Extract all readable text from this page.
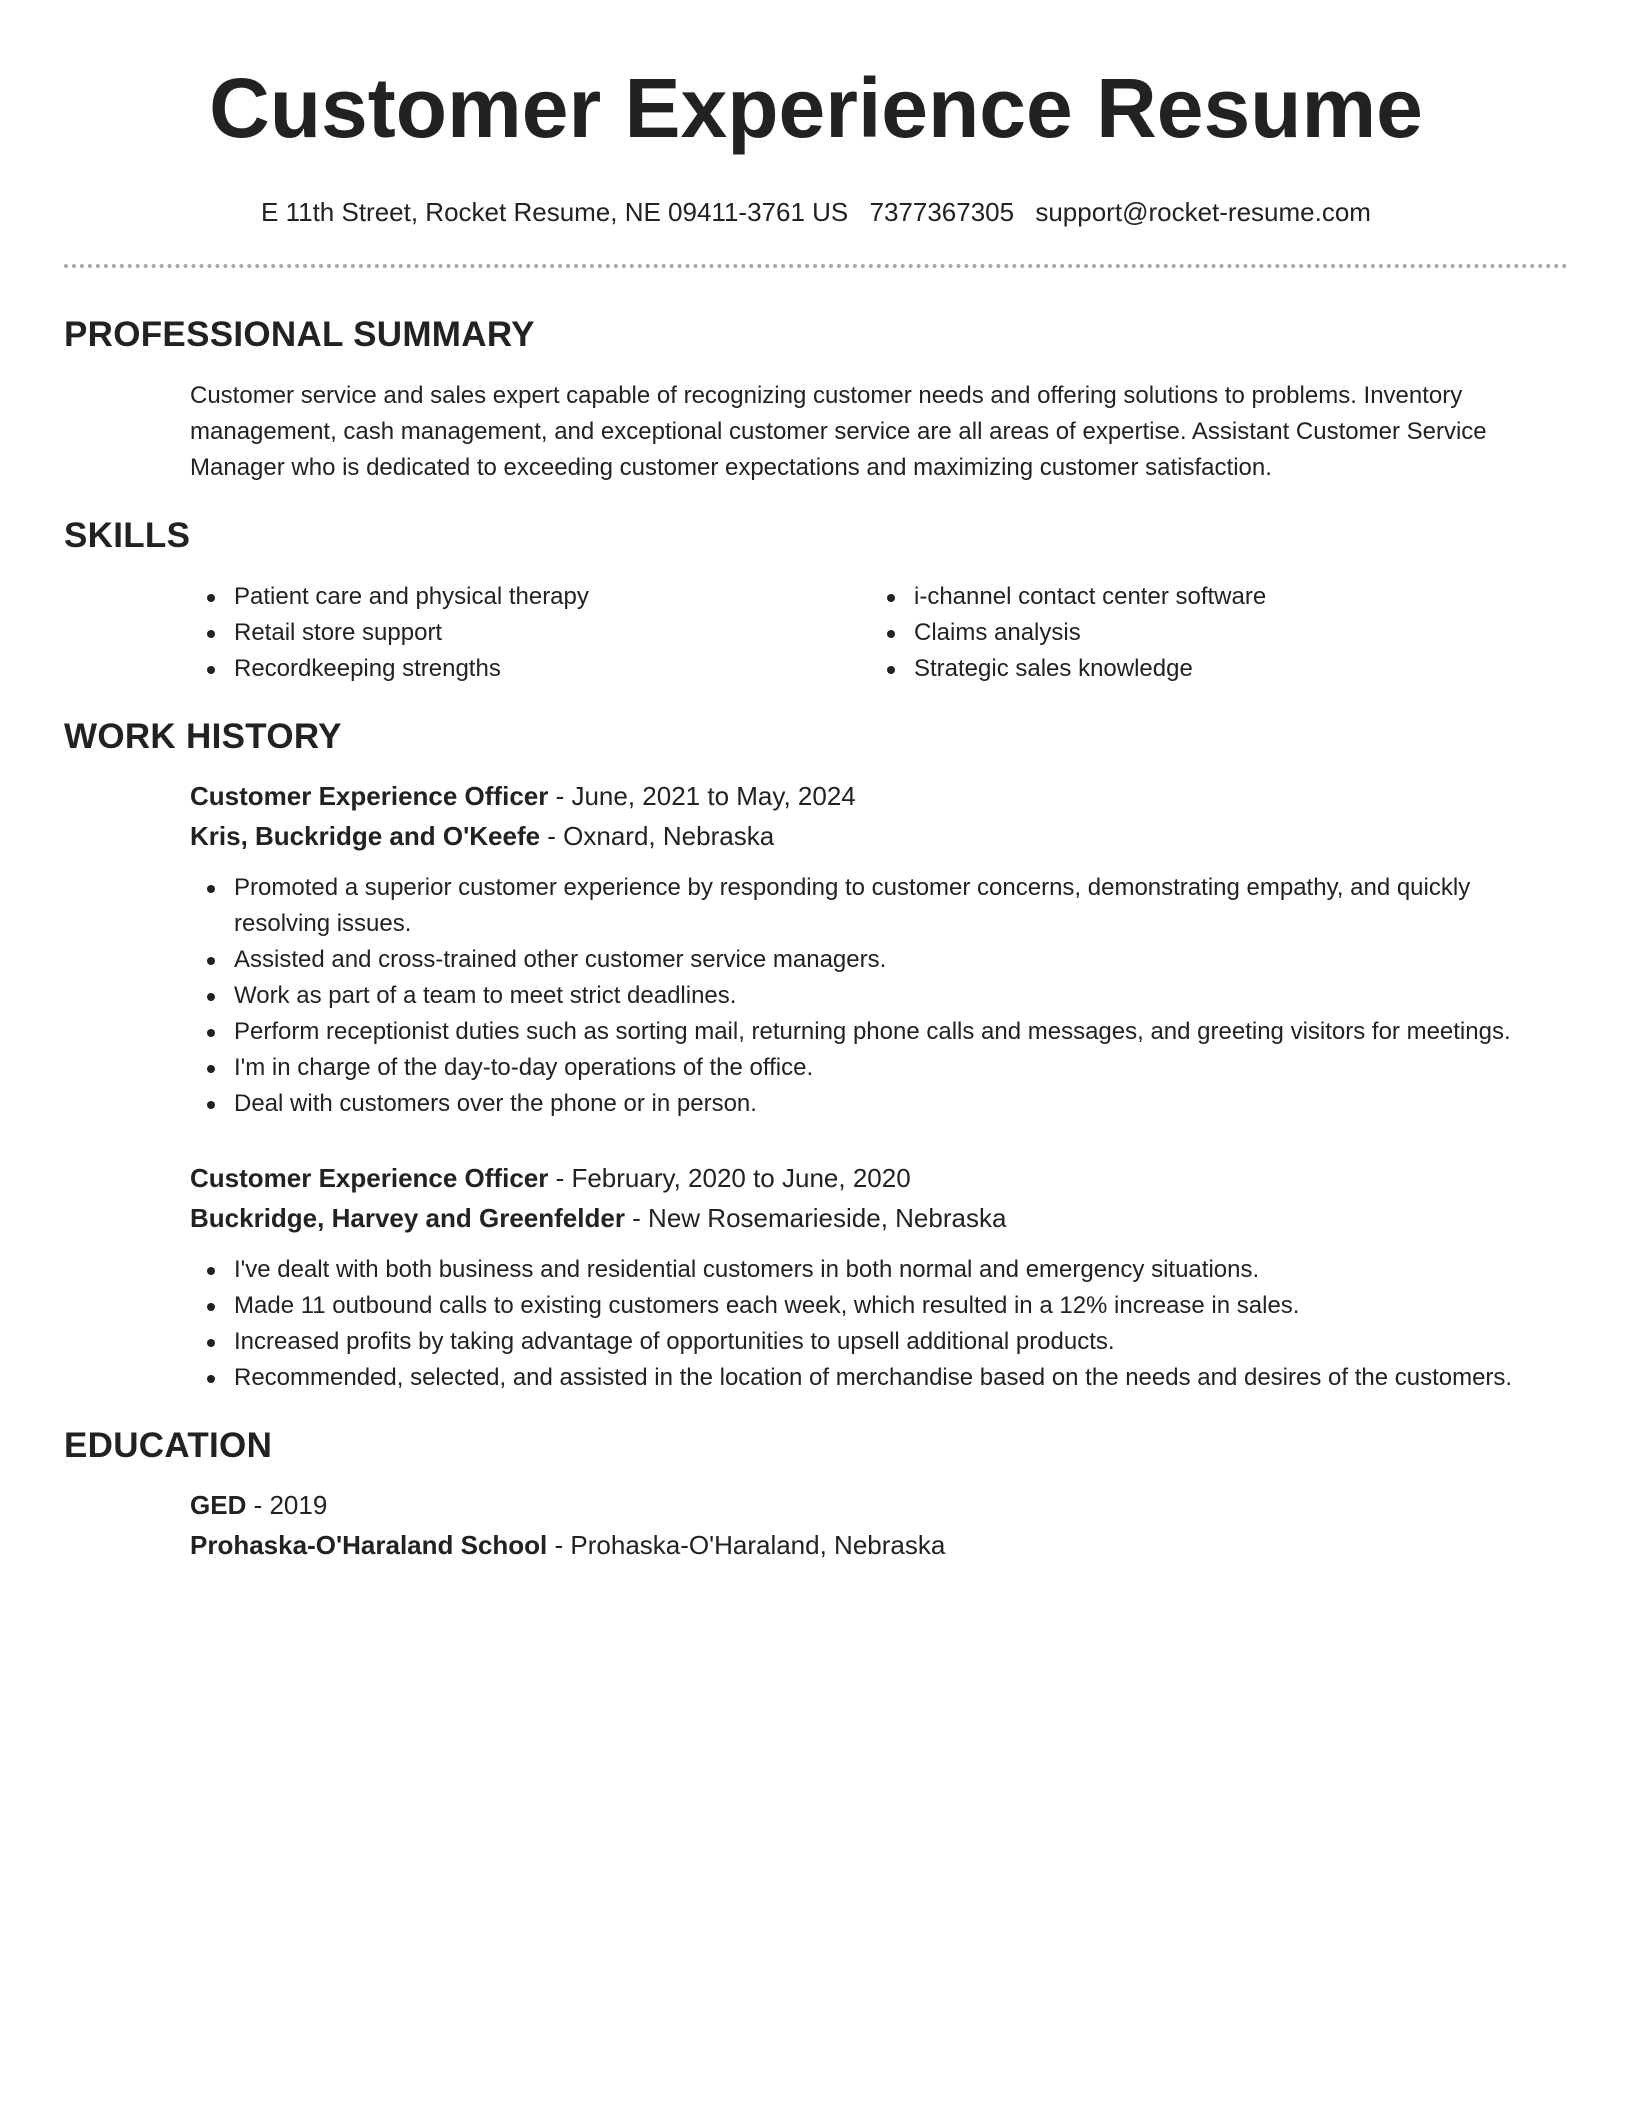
Customer Experience Resume
E 11th Street, Rocket Resume, NE 09411-3761 US 7377367305 support@rocket-resume.com
PROFESSIONAL SUMMARY

Customer service and sales expert capable of recognizing customer needs and offering solutions to problems. Inventory management, cash management, and exceptional customer service are all areas of expertise. Assistant Customer Service Manager who is dedicated to exceeding customer expectations and maximizing customer satisfaction.

SKILLS
Patient care and physical therapy
Retail store support
Recordkeeping strengths
i-channel contact center software
Claims analysis
Strategic sales knowledge
WORK HISTORY
Customer Experience Officer - June, 2021 to May, 2024
Kris, Buckridge and O'Keefe - Oxnard, Nebraska
Promoted a superior customer experience by responding to customer concerns, demonstrating empathy, and quickly resolving issues.
Assisted and cross-trained other customer service managers.
Work as part of a team to meet strict deadlines.
Perform receptionist duties such as sorting mail, returning phone calls and messages, and greeting visitors for meetings.
I'm in charge of the day-to-day operations of the office.
Deal with customers over the phone or in person.
Customer Experience Officer - February, 2020 to June, 2020
Buckridge, Harvey and Greenfelder - New Rosemarieside, Nebraska
I've dealt with both business and residential customers in both normal and emergency situations.
Made 11 outbound calls to existing customers each week, which resulted in a 12% increase in sales.
Increased profits by taking advantage of opportunities to upsell additional products.
Recommended, selected, and assisted in the location of merchandise based on the needs and desires of the customers.
EDUCATION
GED - 2019
Prohaska-O'Haraland School - Prohaska-O'Haraland, Nebraska
